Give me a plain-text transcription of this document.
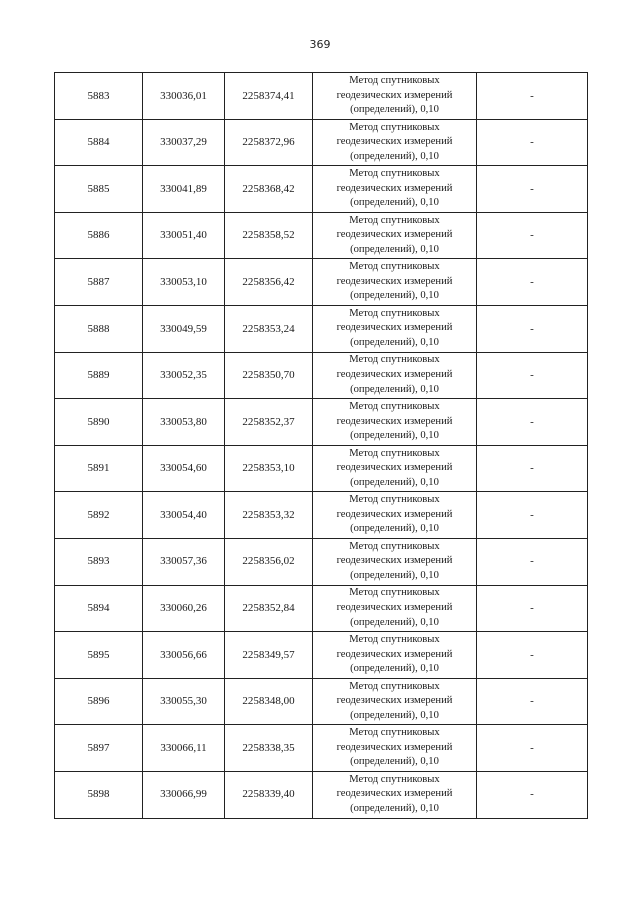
369
5883	330036,01	2258374,41	Метод спутниковых
геодезических измерений
(определений), 0,10	-
5884	330037,29	2258372,96	Метод спутниковых
геодезических измерений
(определений), 0,10	-
5885	330041,89	2258368,42	Метод спутниковых
геодезических измерений
(определений), 0,10	-
5886	330051,40	2258358,52	Метод спутниковых
геодезических измерений
(определений), 0,10	-
5887	330053,10	2258356,42	Метод спутниковых
геодезических измерений
(определений), 0,10	-
5888	330049,59	2258353,24	Метод спутниковых
геодезических измерений
(определений), 0,10	-
5889	330052,35	2258350,70	Метод спутниковых
геодезических измерений
(определений), 0,10	-
5890	330053,80	2258352,37	Метод спутниковых
геодезических измерений
(определений), 0,10	-
5891	330054,60	2258353,10	Метод спутниковых
геодезических измерений
(определений), 0,10	-
5892	330054,40	2258353,32	Метод спутниковых
геодезических измерений
(определений), 0,10	-
5893	330057,36	2258356,02	Метод спутниковых
геодезических измерений
(определений), 0,10	-
5894	330060,26	2258352,84	Метод спутниковых
геодезических измерений
(определений), 0,10	-
5895	330056,66	2258349,57	Метод спутниковых
геодезических измерений
(определений), 0,10	-
5896	330055,30	2258348,00	Метод спутниковых
геодезических измерений
(определений), 0,10	-
5897	330066,11	2258338,35	Метод спутниковых
геодезических измерений
(определений), 0,10	-
5898	330066,99	2258339,40	Метод спутниковых
геодезических измерений
(определений), 0,10	-
